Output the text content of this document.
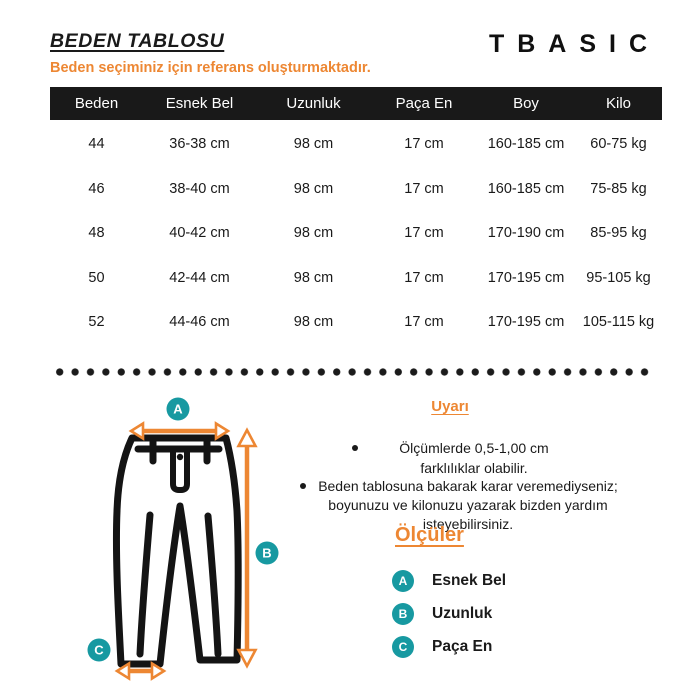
BEDEN TABLOSU
Beden seçiminiz için referans oluşturmaktadır.
TBASIC
Beden	Esnek Bel	Uzunluk	Paça En	Boy	Kilo
44	36-38 cm	98 cm	17 cm	160-185 cm	60-75 kg
46	38-40 cm	98 cm	17 cm	160-185 cm	75-85 kg
48	40-42 cm	98 cm	17 cm	170-190 cm	85-95 kg
50	42-44 cm	98 cm	17 cm	170-195 cm	95-105 kg
52	44-46 cm	98 cm	17 cm	170-195 cm	105-115 kg
A
B
C
Uyarı
Ölçümlerde 0,5-1,00 cm farklılıklar olabilir.
Beden tablosuna bakarak karar veremediyseniz; boyunuzu ve kilonuzu yazarak bizden yardım isteyebilirsiniz.
Ölçüler
A	Esnek Bel
B	Uzunluk
C	Paça En
